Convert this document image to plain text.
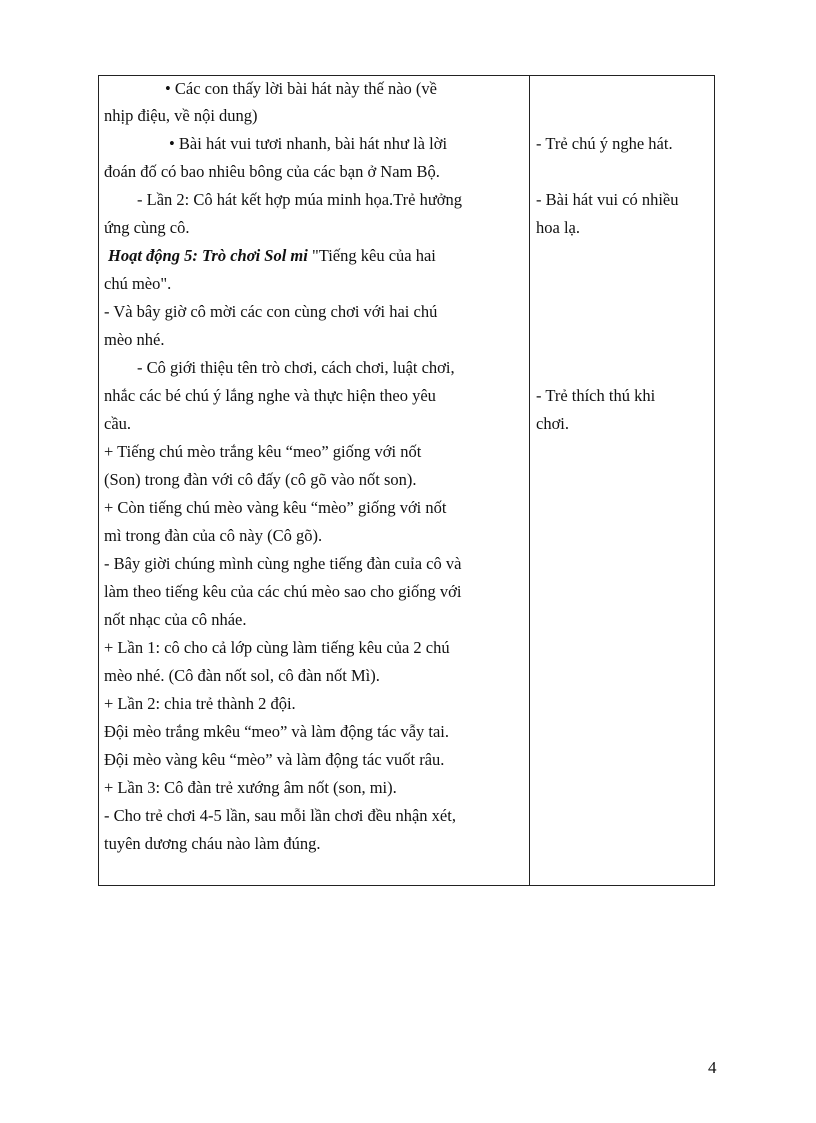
• Các con thấy lời bài hát này thế nào (về
nhịp điệu, về nội dung)
• Bài hát vui tươi nhanh, bài hát như là lời
đoán đố có bao nhiêu bông của các bạn ở Nam Bộ.
- Lần 2: Cô hát kết hợp múa minh họa.Trẻ hưởng
ứng cùng cô.
Hoạt động 5: Trò chơi Sol mi "Tiếng kêu của hai
chú mèo".
- Và bây giờ cô mời các con cùng chơi với hai chú
mèo nhé.
- Cô giới thiệu tên trò chơi, cách chơi, luật chơi,
nhắc các bé chú ý lắng nghe và thực hiện theo yêu
cầu.
+ Tiếng chú mèo trắng kêu “meo” giống với nốt
(Son) trong đàn với cô đấy (cô gõ vào nốt son).
+ Còn tiếng chú mèo vàng kêu “mèo” giống với nốt
mì trong đàn của cô này (Cô gõ).
- Bây giời chúng mình cùng nghe tiếng đàn cuỉa cô và
làm theo tiếng kêu của các chú mèo sao cho giống với
nốt nhạc của cô nháe.
+ Lần 1: cô cho cả lớp cùng làm tiếng kêu của 2 chú
mèo nhé. (Cô đàn nốt sol, cô đàn nốt Mì).
+ Lần 2: chia trẻ thành 2 đội.
Đội mèo trắng mkêu “meo” và làm động tác vẫy tai.
Đội mèo vàng kêu “mèo” và làm động tác vuốt râu.
+ Lần 3: Cô đàn trẻ xướng âm nốt (son, mi).
- Cho trẻ chơi 4-5 lần, sau mỗi lần chơi đều nhận xét,
tuyên dương cháu nào làm đúng.
- Trẻ chú ý nghe hát.
- Bài hát vui có nhiều
hoa lạ.
- Trẻ thích thú khi
chơi.
4
